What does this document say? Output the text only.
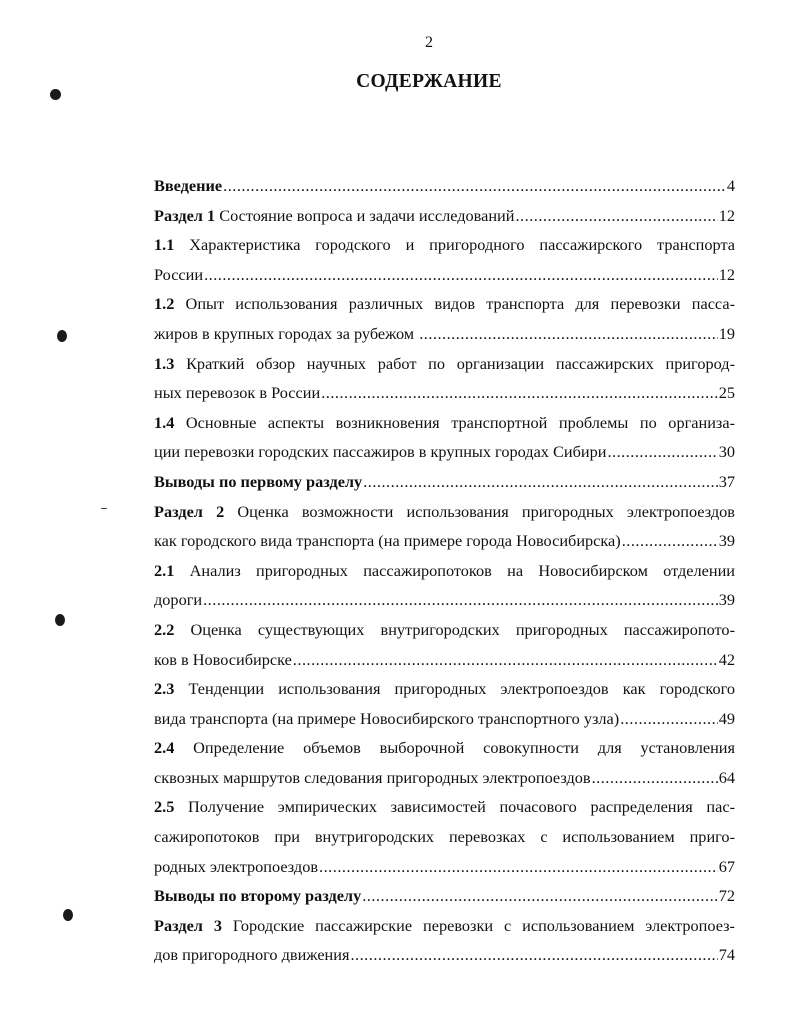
2
СОДЕРЖАНИЕ
Введение .....	4
Раздел 1 Состояние вопроса и задачи исследований .....	12
1.1 Характеристика городского и пригородного пассажирского транспорта
России .....	12
1.2 Опыт использования различных видов транспорта для перевозки пасса-
жиров в крупных городах за рубежом .....	19
1.3 Краткий обзор научных работ по организации пассажирских пригород-
ных перевозок в России .....	25
1.4 Основные аспекты возникновения транспортной проблемы по организа-
ции перевозки городских пассажиров в крупных городах Сибири .....	30
Выводы по первому разделу .....	37
Раздел 2 Оценка возможности использования пригородных электропоездов
как городского вида транспорта (на примере города Новосибирска) .....	39
2.1 Анализ пригородных пассажиропотоков на Новосибирском отделении
дороги .....	39
2.2 Оценка существующих внутригородских пригородных пассажиропото-
ков в Новосибирске .....	42
2.3 Тенденции использования пригородных электропоездов как городского
вида транспорта (на примере Новосибирского транспортного узла) .....	49
2.4 Определение объемов выборочной совокупности для установления
сквозных маршрутов следования пригородных электропоездов .....	64
2.5 Получение эмпирических зависимостей почасового распределения пас-
сажиропотоков при внутригородских перевозках с использованием приго-
родных электропоездов .....	67
Выводы по второму разделу .....	72
Раздел 3 Городские пассажирские перевозки с использованием электропоез-
дов пригородного движения .....	74
